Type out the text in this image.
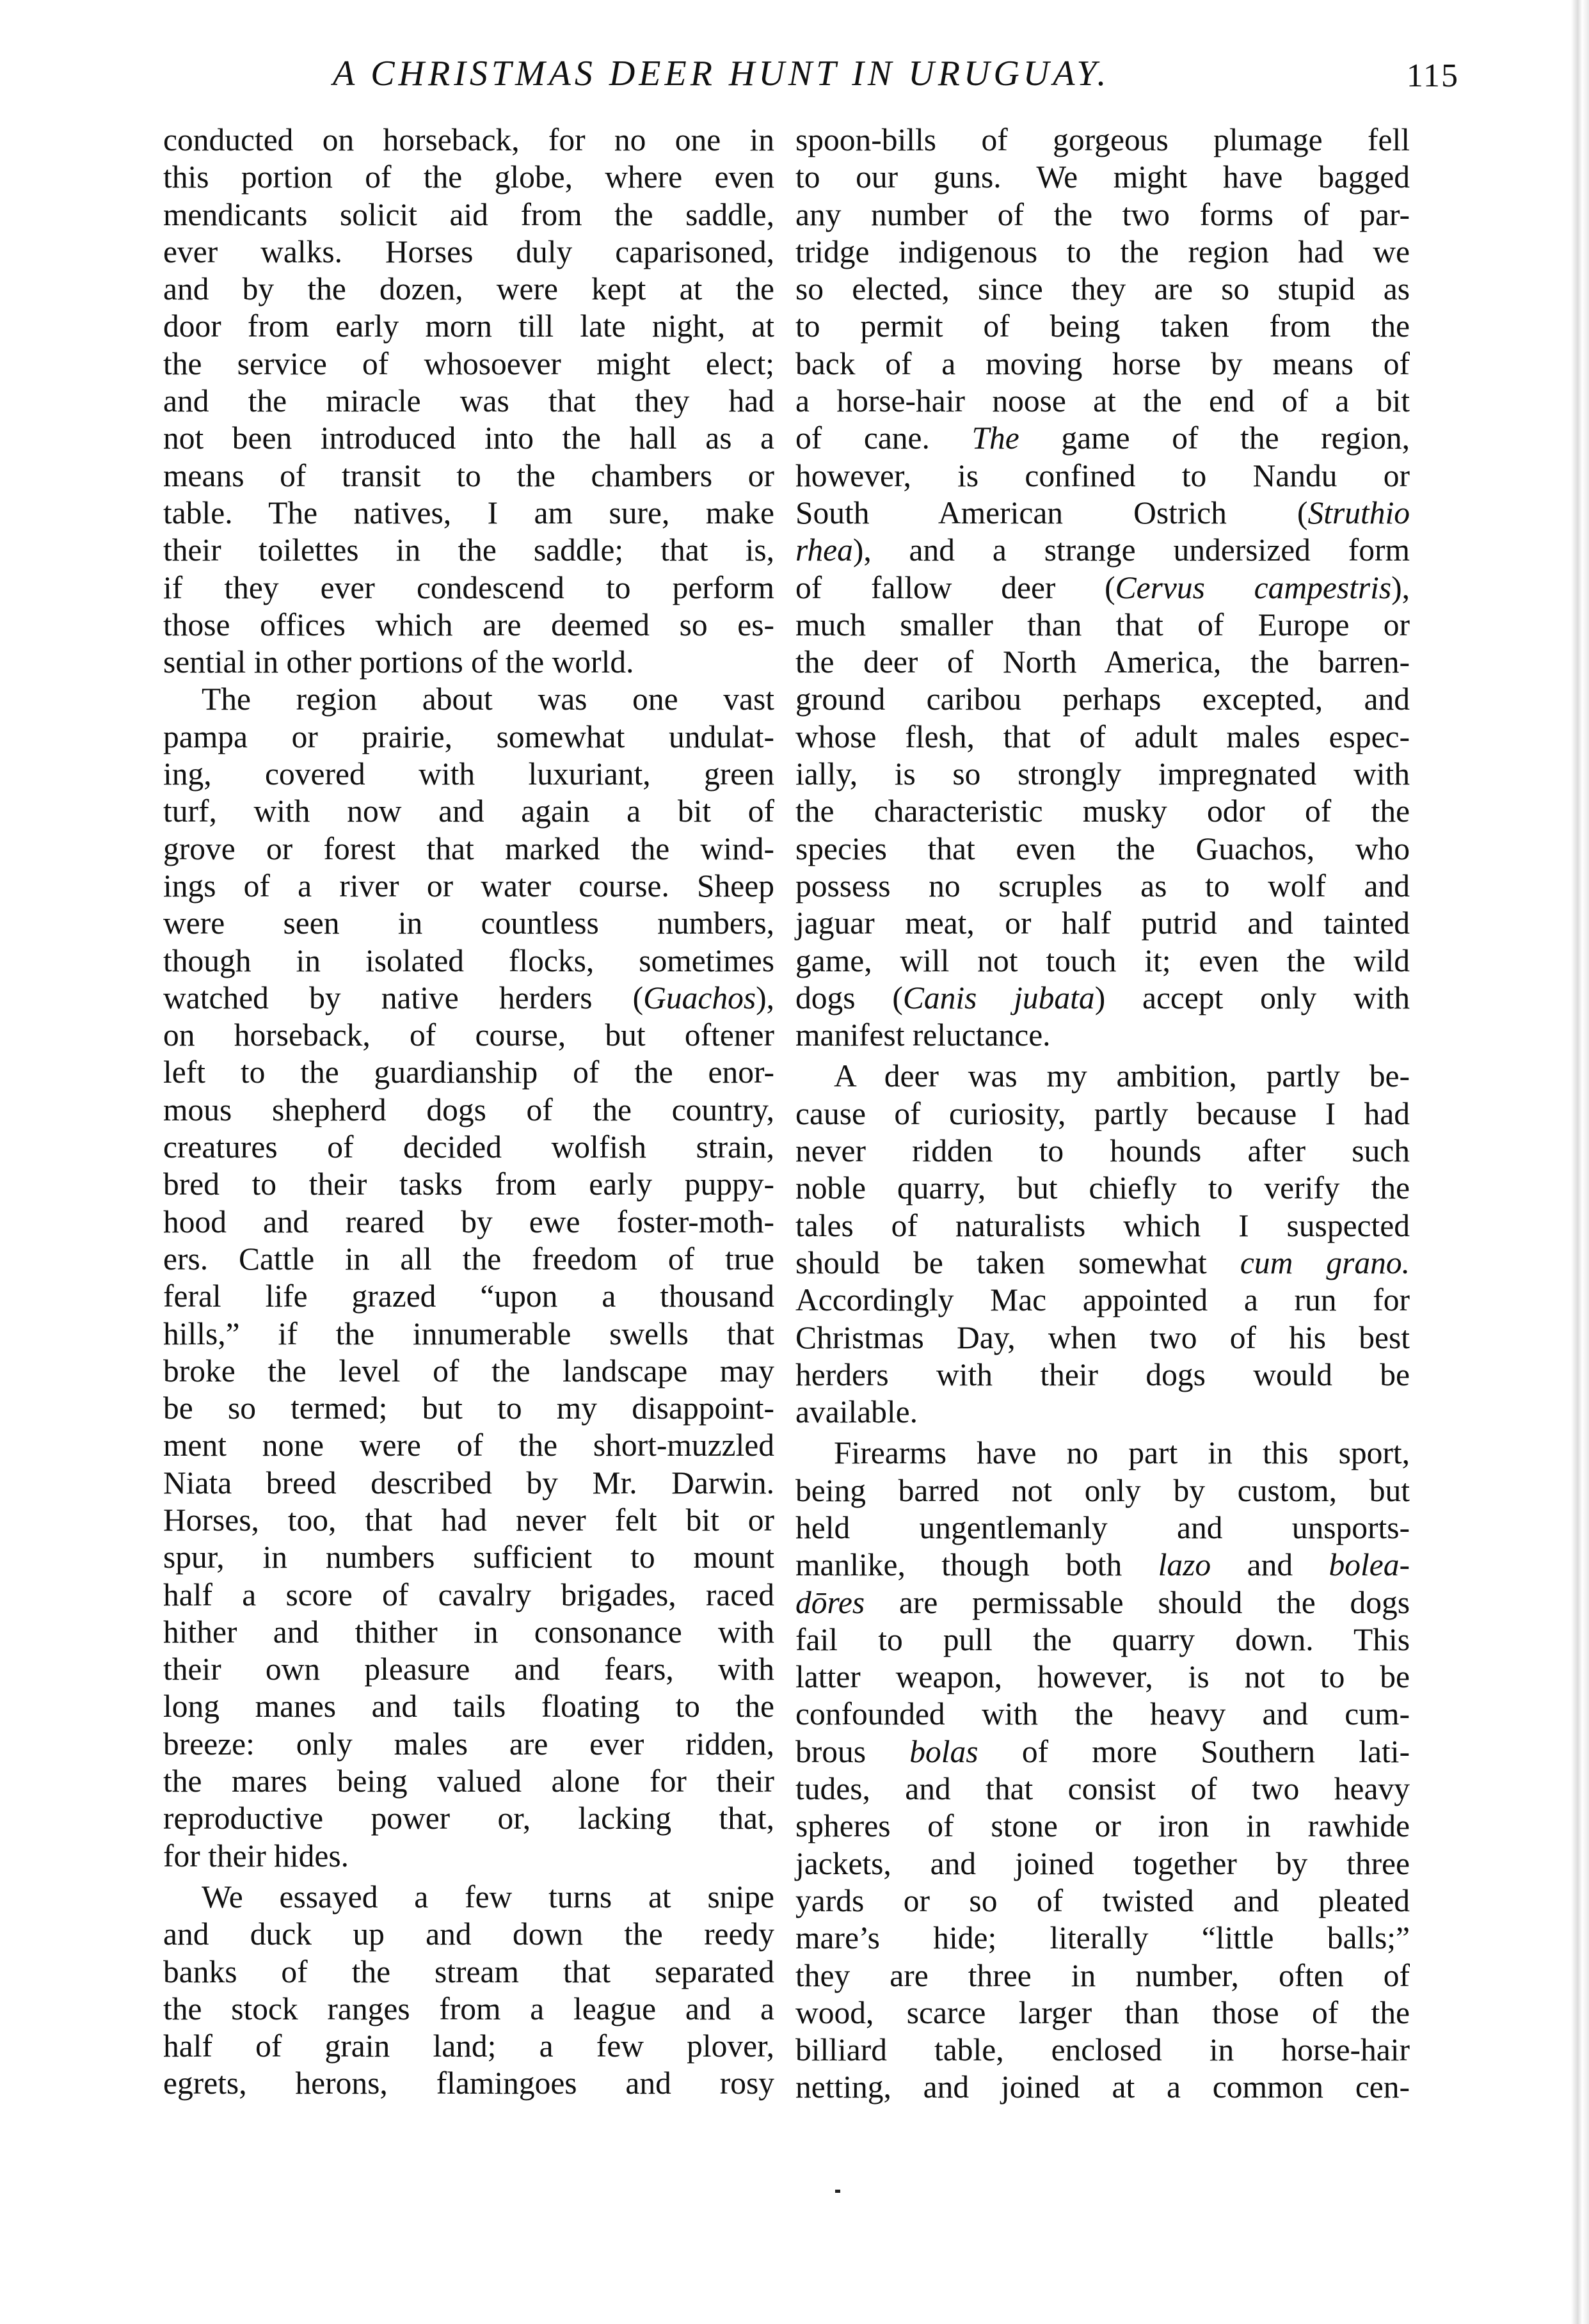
A CHRISTMAS DEER HUNT IN URUGUAY.	115

conducted on horseback, for no one in
this portion of the globe, where even
mendicants solicit aid from the saddle,
ever walks. Horses duly caparisoned,
and by the dozen, were kept at the
door from early morn till late night, at
the service of whosoever might elect;
and the miracle was that they had
not been introduced into the hall as a
means of transit to the chambers or
table. The natives, I am sure, make
their toilettes in the saddle; that is,
if they ever condescend to perform
those offices which are deemed so es-
sential in other portions of the world.

The region about was one vast
pampa or prairie, somewhat undulat-
ing, covered with luxuriant, green
turf, with now and again a bit of
grove or forest that marked the wind-
ings of a river or water course. Sheep
were seen in countless numbers,
though in isolated flocks, sometimes
watched by native herders (Guachos),
on horseback, of course, but oftener
left to the guardianship of the enor-
mous shepherd dogs of the country,
creatures of decided wolfish strain,
bred to their tasks from early puppy-
hood and reared by ewe foster-moth-
ers. Cattle in all the freedom of true
feral life grazed “upon a thousand
hills,” if the innumerable swells that
broke the level of the landscape may
be so termed; but to my disappoint-
ment none were of the short-muzzled
Niata breed described by Mr. Darwin.
Horses, too, that had never felt bit or
spur, in numbers sufficient to mount
half a score of cavalry brigades, raced
hither and thither in consonance with
their own pleasure and fears, with
long manes and tails floating to the
breeze: only males are ever ridden,
the mares being valued alone for their
reproductive power or, lacking that,
for their hides.

We essayed a few turns at snipe
and duck up and down the reedy
banks of the stream that separated
the stock ranges from a league and a
half of grain land; a few plover,
egrets, herons, flamingoes and rosy

spoon-bills of gorgeous plumage fell
to our guns. We might have bagged
any number of the two forms of par-
tridge indigenous to the region had we
so elected, since they are so stupid as
to permit of being taken from the
back of a moving horse by means of
a horse-hair noose at the end of a bit
of cane. The game of the region,
however, is confined to Nandu or
South American Ostrich (Struthio
rhea), and a strange undersized form
of fallow deer (Cervus campestris),
much smaller than that of Europe or
the deer of North America, the barren-
ground caribou perhaps excepted, and
whose flesh, that of adult males espec-
ially, is so strongly impregnated with
the characteristic musky odor of the
species that even the Guachos, who
possess no scruples as to wolf and
jaguar meat, or half putrid and tainted
game, will not touch it; even the wild
dogs (Canis jubata) accept only with
manifest reluctance.

A deer was my ambition, partly be-
cause of curiosity, partly because I had
never ridden to hounds after such
noble quarry, but chiefly to verify the
tales of naturalists which I suspected
should be taken somewhat cum grano.
Accordingly Mac appointed a run for
Christmas Day, when two of his best
herders with their dogs would be
available.

Firearms have no part in this sport,
being barred not only by custom, but
held ungentlemanly and unsports-
manlike, though both lazo and bolea-
dōres are permissable should the dogs
fail to pull the quarry down. This
latter weapon, however, is not to be
confounded with the heavy and cum-
brous bolas of more Southern lati-
tudes, and that consist of two heavy
spheres of stone or iron in rawhide
jackets, and joined together by three
yards or so of twisted and pleated
mare’s hide; literally “little balls;”
they are three in number, often of
wood, scarce larger than those of the
billiard table, enclosed in horse-hair
netting, and joined at a common cen-
